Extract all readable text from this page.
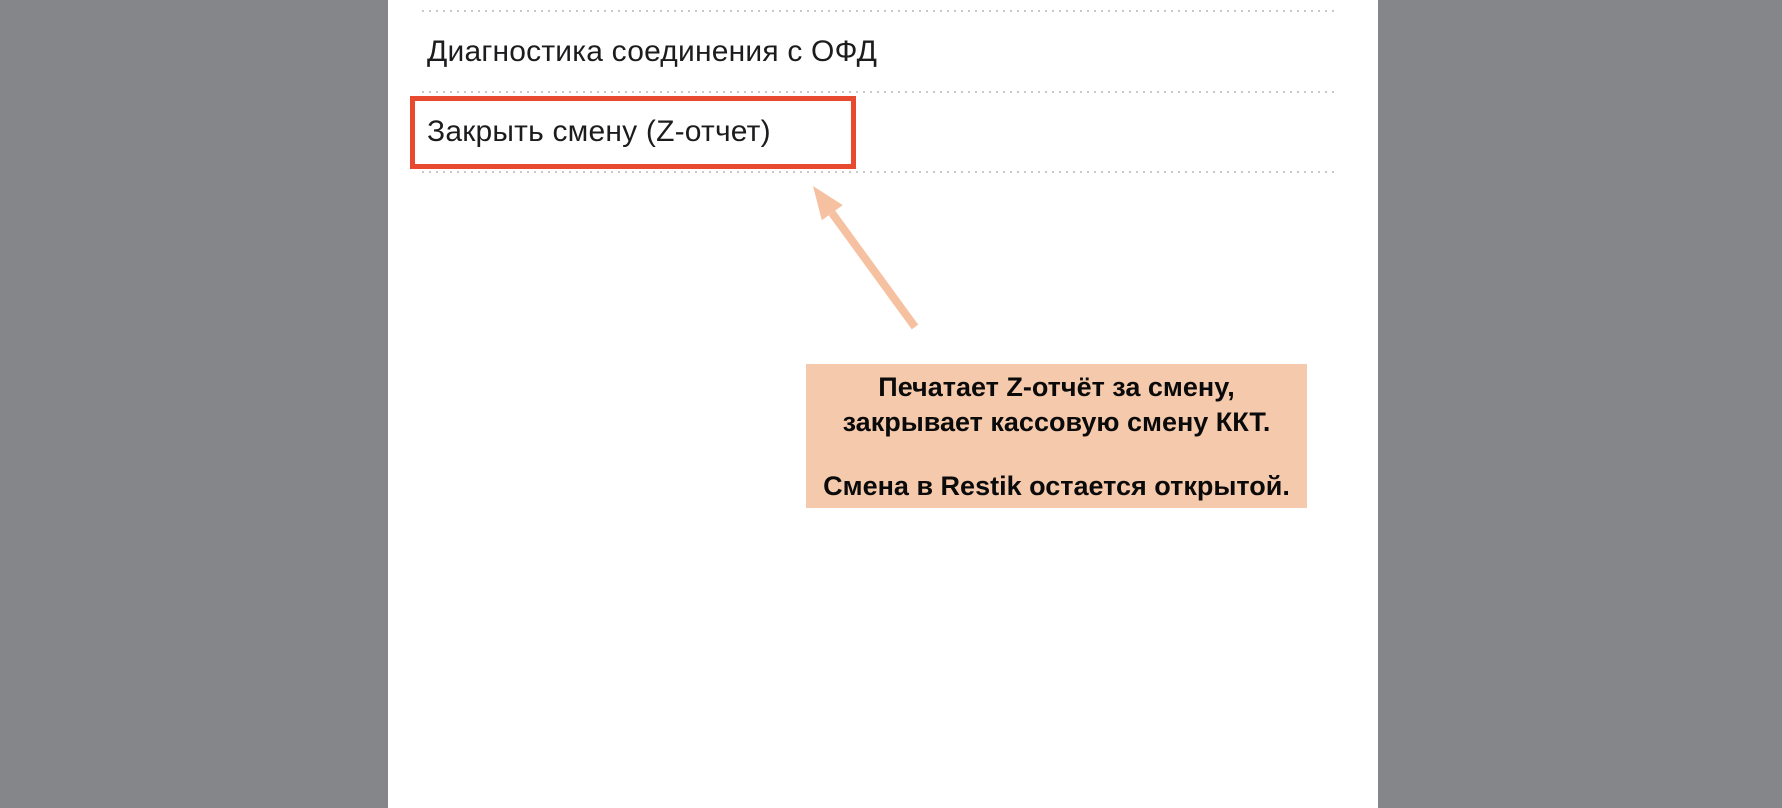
Диагностика соединения с ОФД
Закрыть смену (Z-отчет)
Печатает Z-отчёт за смену,
закрывает кассовую смену ККТ.
Смена в Restik остается открытой.
